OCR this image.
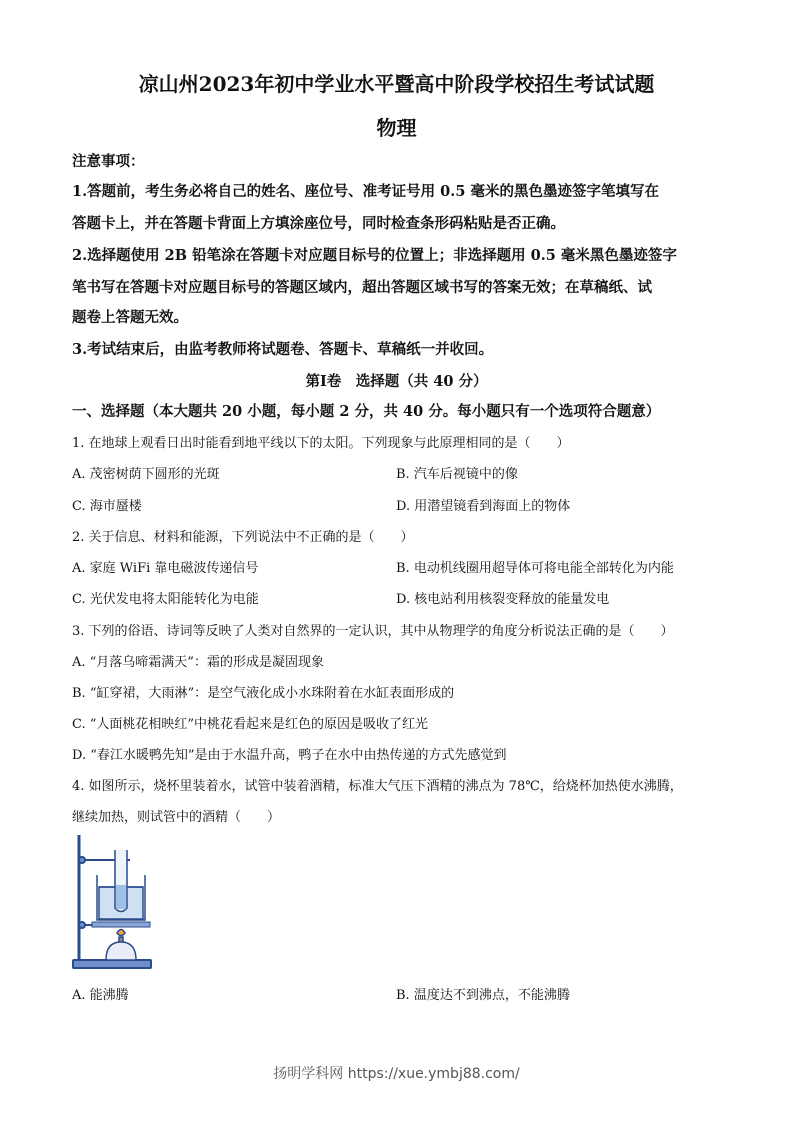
凉山州2023年初中学业水平暨高中阶段学校招生考试试题
物理
注意事项：
1.答题前，考生务必将自己的姓名、座位号、准考证号用 0.5 毫米的黑色墨迹签字笔填写在
答题卡上，并在答题卡背面上方填涂座位号，同时检查条形码粘贴是否正确。
2.选择题使用 2B 铅笔涂在答题卡对应题目标号的位置上；非选择题用 0.5 毫米黑色墨迹签字
笔书写在答题卡对应题目标号的答题区域内，超出答题区域书写的答案无效；在草稿纸、试
题卷上答题无效。
3.考试结束后，由监考教师将试题卷、答题卡、草稿纸一并收回。
第Ⅰ卷　选择题（共 40 分）
一、选择题（本大题共 20 小题，每小题 2 分，共 40 分。每小题只有一个选项符合题意）
1. 在地球上观看日出时能看到地平线以下的太阳。下列现象与此原理相同的是（　　）
A. 茂密树荫下圆形的光斑	B. 汽车后视镜中的像
C. 海市蜃楼	D. 用潜望镜看到海面上的物体
2. 关于信息、材料和能源，下列说法中不正确的是（　　）
A. 家庭 WiFi 靠电磁波传递信号	B. 电动机线圈用超导体可将电能全部转化为内能
C. 光伏发电将太阳能转化为电能	D. 核电站利用核裂变释放的能量发电
3. 下列的俗语、诗词等反映了人类对自然界的一定认识，其中从物理学的角度分析说法正确的是（　　）
A. “月落乌啼霜满天”：霜的形成是凝固现象
B. “缸穿裙，大雨淋”：是空气液化成小水珠附着在水缸表面形成的
C. “人面桃花相映红”中桃花看起来是红色的原因是吸收了红光
D. “春江水暖鸭先知”是由于水温升高，鸭子在水中由热传递的方式先感觉到
4. 如图所示，烧杯里装着水，试管中装着酒精，标准大气压下酒精的沸点为 78℃，给烧杯加热使水沸腾，
继续加热，则试管中的酒精（　　）
A. 能沸腾	B. 温度达不到沸点，不能沸腾
扬明学科网 https://xue.ymbj88.com/
